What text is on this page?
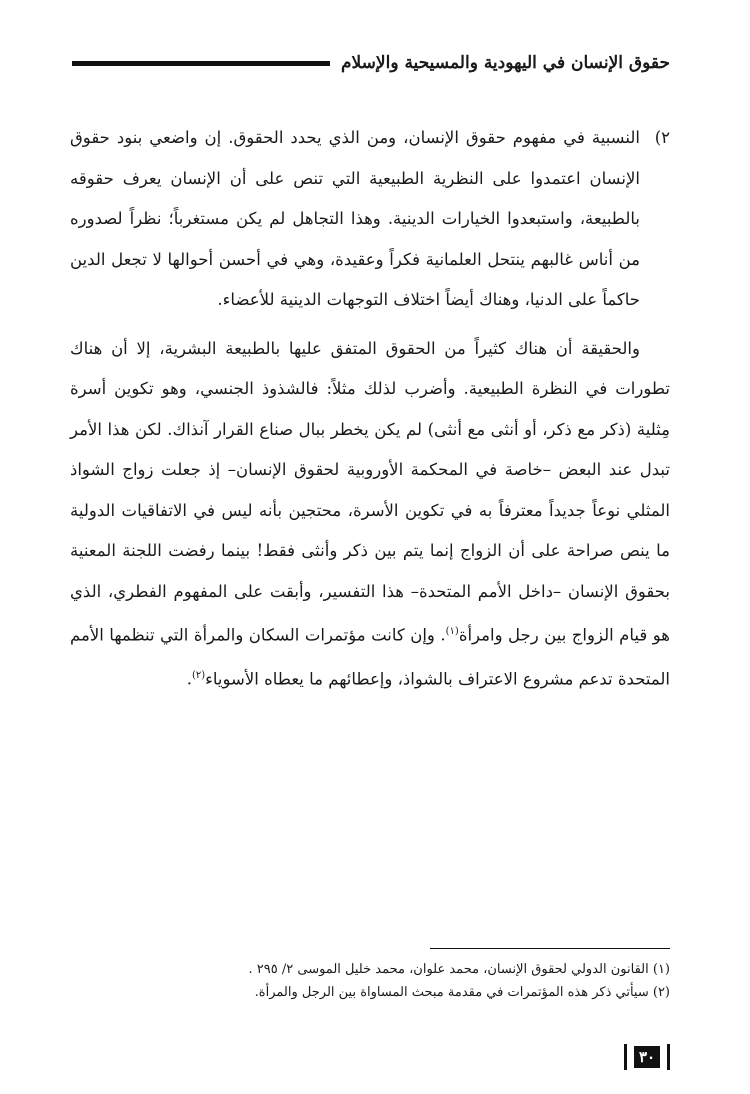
حقوق الإنسان في اليهودية والمسيحية والإسلام
٢)
النسبية في مفهوم حقوق الإنسان، ومن الذي يحدد الحقوق. إن واضعي بنود حقوق الإنسان اعتمدوا على النظرية الطبيعية التي تنص على أن الإنسان يعرف حقوقه بالطبيعة، واستبعدوا الخيارات الدينية. وهذا التجاهل لم يكن مستغرباً؛ نظراً لصدوره من أناس غالبهم ينتحل العلمانية فكراً وعقيدة، وهي في أحسن أحوالها لا تجعل الدين حاكماً على الدنيا، وهناك أيضاً اختلاف التوجهات الدينية للأعضاء.

والحقيقة أن هناك كثيراً من الحقوق المتفق عليها بالطبيعة البشرية، إلا أن هناك تطورات في النظرة الطبيعية. وأضرب لذلك مثلاً: فالشذوذ الجنسي، وهو تكوين أسرة مِثلية (ذكر مع ذكر، أو أنثى مع أنثى) لم يكن يخطر ببال صناع القرار آنذاك. لكن هذا الأمر تبدل عند البعض –خاصة في المحكمة الأوروبية لحقوق الإنسان– إذ جعلت زواج الشواذ المثلي نوعاً جديداً معترفاً به في تكوين الأسرة، محتجين بأنه ليس في الاتفاقيات الدولية ما ينص صراحة على أن الزواج إنما يتم بين ذكر وأنثى فقط! بينما رفضت اللجنة المعنية بحقوق الإنسان –داخل الأمم المتحدة– هذا التفسير، وأبقت على المفهوم الفطري، الذي هو قيام الزواج بين رجل وامرأة$^{(١)}$. وإن كانت مؤتمرات السكان والمرأة التي تنظمها الأمم المتحدة تدعم مشروع الاعتراف بالشواذ، وإعطائهم ما يعطاه الأسوياء$^{(٢)}$.

(١) القانون الدولي لحقوق الإنسان، محمد علوان، محمد خليل الموسى ٢/ ٢٩٥ .

(٢) سيأتي ذكر هذه المؤتمرات في مقدمة مبحث المساواة بين الرجل والمرأة.

٣٠
